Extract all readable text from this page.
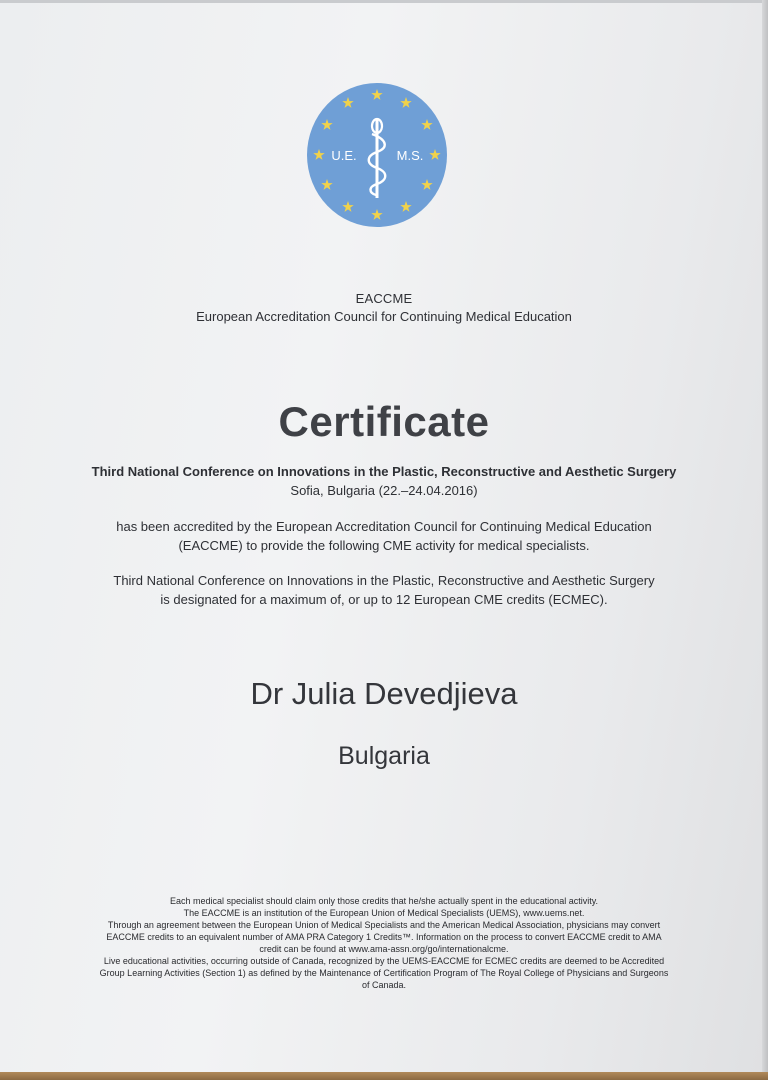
U.E.	M.S.
EACCME
European Accreditation Council for Continuing Medical Education
Certificate
Third National Conference on Innovations in the Plastic, Reconstructive and Aesthetic Surgery
Sofia, Bulgaria (22.–24.04.2016)
has been accredited by the European Accreditation Council for Continuing Medical Education
(EACCME) to provide the following CME activity for medical specialists.
Third National Conference on Innovations in the Plastic, Reconstructive and Aesthetic Surgery
is designated for a maximum of, or up to 12 European CME credits (ECMEC).
Dr Julia Devedjieva
Bulgaria
Each medical specialist should claim only those credits that he/she actually spent in the educational activity.
The EACCME is an institution of the European Union of Medical Specialists (UEMS), www.uems.net.
Through an agreement between the European Union of Medical Specialists and the American Medical Association, physicians may convert
EACCME credits to an equivalent number of AMA PRA Category 1 Credits™. Information on the process to convert EACCME credit to AMA
credit can be found at www.ama-assn.org/go/internationalcme.
Live educational activities, occurring outside of Canada, recognized by the UEMS-EACCME for ECMEC credits are deemed to be Accredited
Group Learning Activities (Section 1) as defined by the Maintenance of Certification Program of The Royal College of Physicians and Surgeons
of Canada.
